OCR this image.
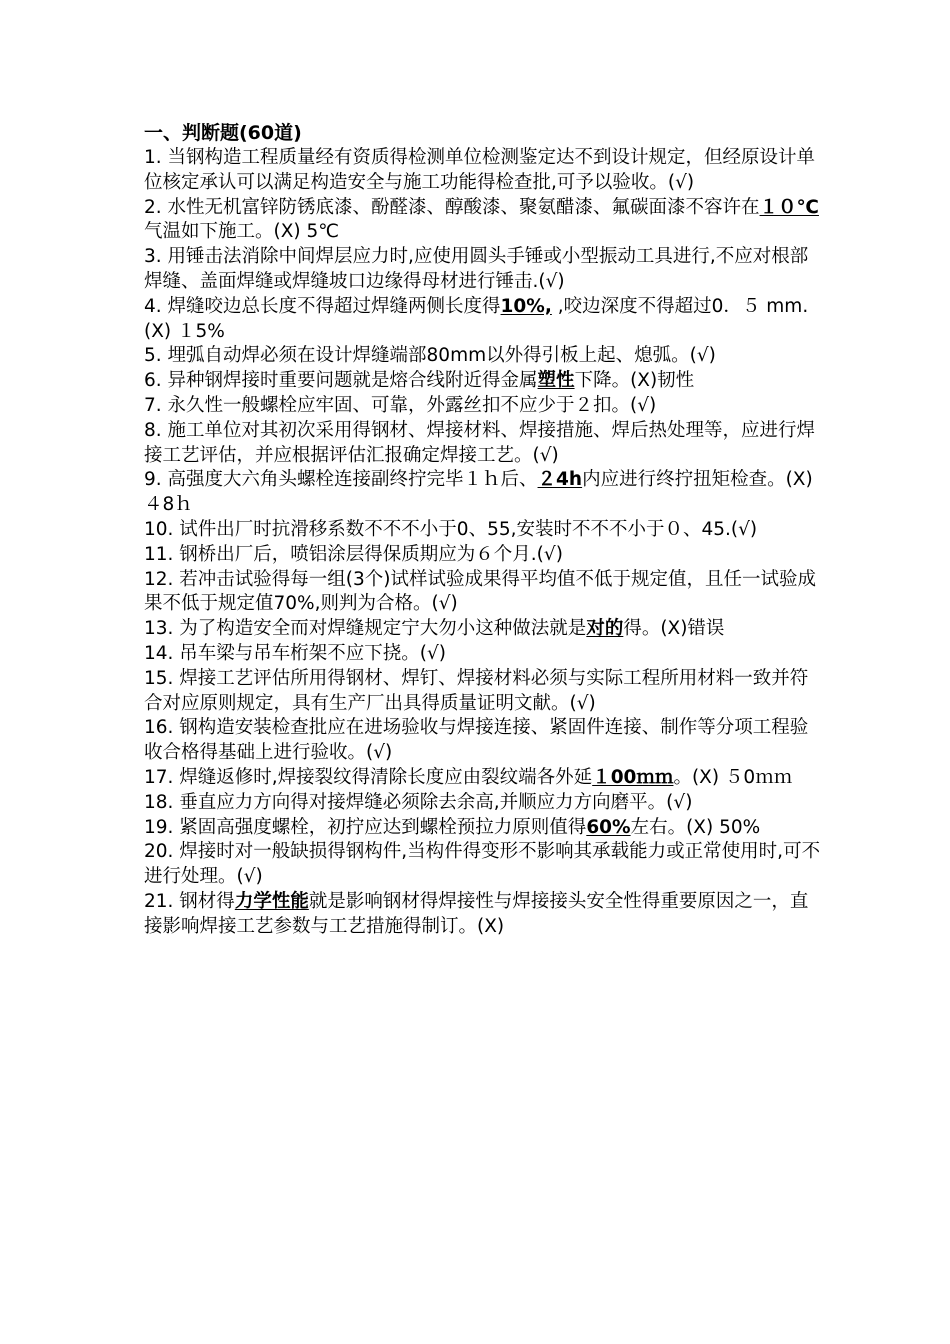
一、判断题(60道)

1. 当钢构造工程质量经有资质得检测单位检测鉴定达不到设计规定，但经原设计单位核定承认可以满足构造安全与施工功能得检查批,可予以验收。(√)

2. 水性无机富锌防锈底漆、酚醛漆、醇酸漆、聚氨醋漆、氟碳面漆不容许在１０℃气温如下施工。(X) 5℃

3. 用锤击法消除中间焊层应力时,应使用圆头手锤或小型振动工具进行,不应对根部焊缝、盖面焊缝或焊缝坡口边缘得母材进行锤击.(√)

4. 焊缝咬边总长度不得超过焊缝两侧长度得10%, ,咬边深度不得超过0．５ mm.(X) １5%

5. 埋弧自动焊必须在设计焊缝端部80mm以外得引板上起、熄弧。(√)

6. 异种钢焊接时重要问题就是熔合线附近得金属塑性下降。(X)韧性

7. 永久性一般螺栓应牢固、可靠，外露丝扣不应少于２扣。(√)

8. 施工单位对其初次采用得钢材、焊接材料、焊接措施、焊后热处理等，应进行焊接工艺评估，并应根据评估汇报确定焊接工艺。(√)

9. 高强度大六角头螺栓连接副终拧完毕１ｈ后、２4h内应进行终拧扭矩检查。(X) ４8ｈ

10. 试件出厂时抗滑移系数不不不小于0、55,安装时不不不小于０、45.(√)

11. 钢桥出厂后，喷铝涂层得保质期应为６个月.(√)

12. 若冲击试验得每一组(3个)试样试验成果得平均值不低于规定值，且任一试验成果不低于规定值70%,则判为合格。(√)

13. 为了构造安全而对焊缝规定宁大勿小这种做法就是对的得。(X)错误

14. 吊车梁与吊车桁架不应下挠。(√)

15. 焊接工艺评估所用得钢材、焊钉、焊接材料必须与实际工程所用材料一致并符合对应原则规定，具有生产厂出具得质量证明文献。(√)

16. 钢构造安装检查批应在进场验收与焊接连接、紧固件连接、制作等分项工程验收合格得基础上进行验收。(√)

17. 焊缝返修时,焊接裂纹得清除长度应由裂纹端各外延１00ｍｍ。(X) ５0ｍｍ

18. 垂直应力方向得对接焊缝必须除去余高,并顺应力方向磨平。(√)

19. 紧固高强度螺栓，初拧应达到螺栓预拉力原则值得60%左右。(X) 50%

20. 焊接时对一般缺损得钢构件,当构件得变形不影响其承载能力或正常使用时,可不进行处理。(√)

21. 钢材得力学性能就是影响钢材得焊接性与焊接接头安全性得重要原因之一，直接影响焊接工艺参数与工艺措施得制订。(X)
